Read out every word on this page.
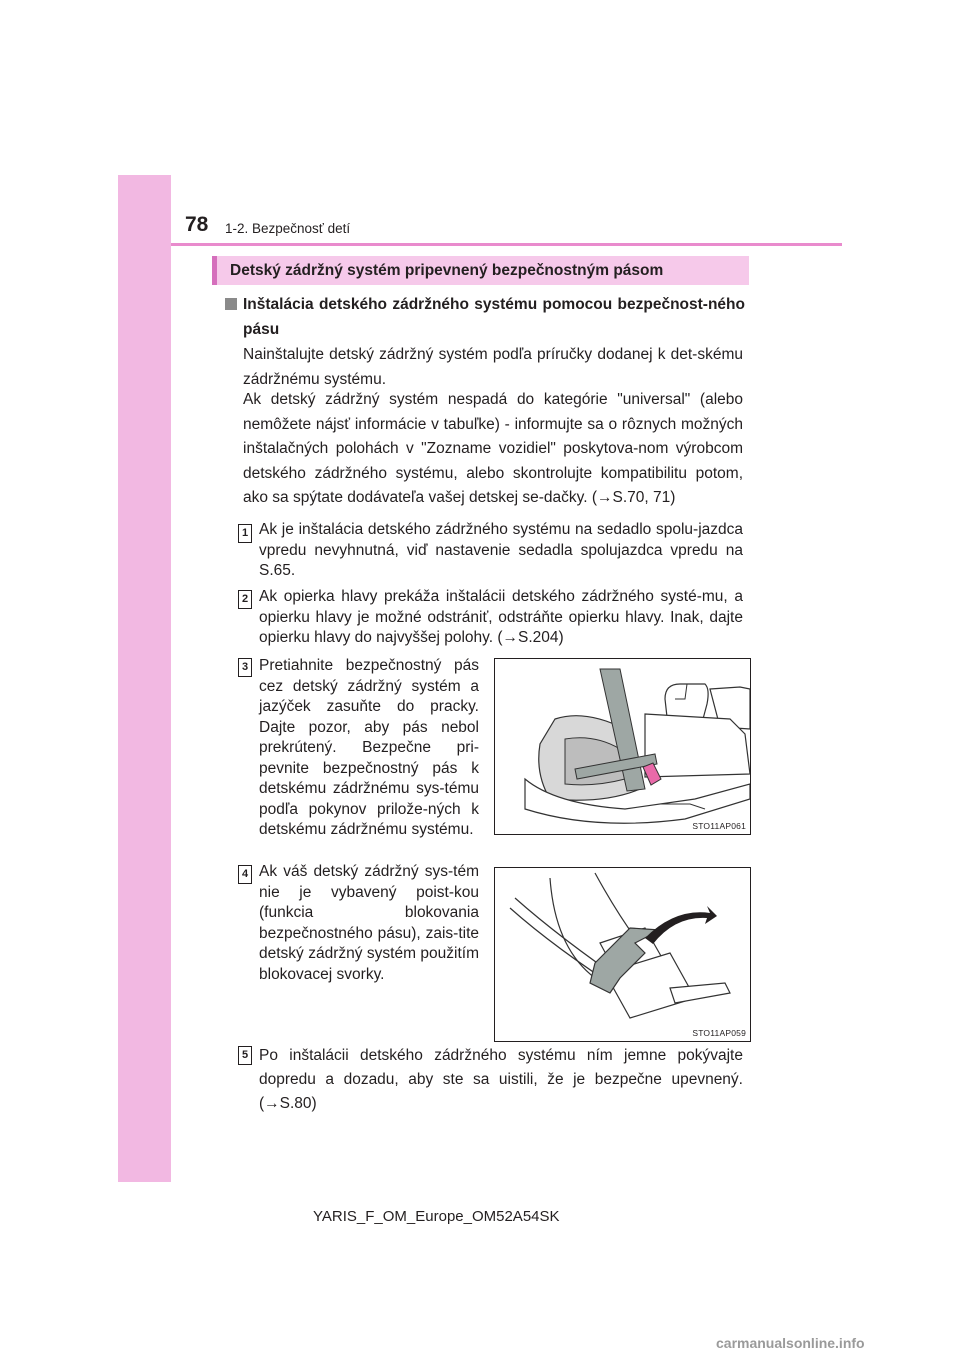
78 1-2. Bezpečnosť detí
Detský zádržný systém pripevnený bezpečnostným pásom
Inštalácia detského zádržného systému pomocou bezpečnost-ného pásu

Nainštalujte detský zádržný systém podľa príručky dodanej k det-skému zádržnému systému.

Ak detský zádržný systém nespadá do kategórie "universal" (alebo nemôžete nájsť informácie v tabuľke) - informujte sa o rôznych možných inštalačných polohách v "Zozname vozidiel" poskytova-nom výrobcom detského zádržného systému, alebo skontrolujte kompatibilitu potom, ako sa spýtate dodávateľa vašej detskej se-dačky. (→S.70, 71)

1 Ak je inštalácia detského zádržného systému na sedadlo spolu-jazdca vpredu nevyhnutná, viď nastavenie sedadla spolujazdca vpredu na S.65.

2 Ak opierka hlavy prekáža inštalácii detského zádržného systé-mu, a opierku hlavy je možné odstrániť, odstráňte opierku hlavy. Inak, dajte opierku hlavy do najvyššej polohy. (→S.204)

3 Pretiahnite bezpečnostný pás cez detský zádržný systém a jazýček zasuňte do pracky. Dajte pozor, aby pás nebol prekrútený. Bezpečne pri-pevnite bezpečnostný pás k detskému zádržnému sys-tému podľa pokynov prilože-ných k detskému zádržnému systému.	STO11AP061
4 Ak váš detský zádržný sys-tém nie je vybavený poist-kou (funkcia blokovania bezpečnostného pásu), zais-tite detský zádržný systém použitím blokovacej svorky.

STO11AP059
5 Po inštalácii detského zádržného systému ním jemne pokývajte dopredu a dozadu, aby ste sa uistili, že je bezpečne upevnený. (→S.80)

YARIS_F_OM_Europe_OM52A54SK
carmanualsonline.info
